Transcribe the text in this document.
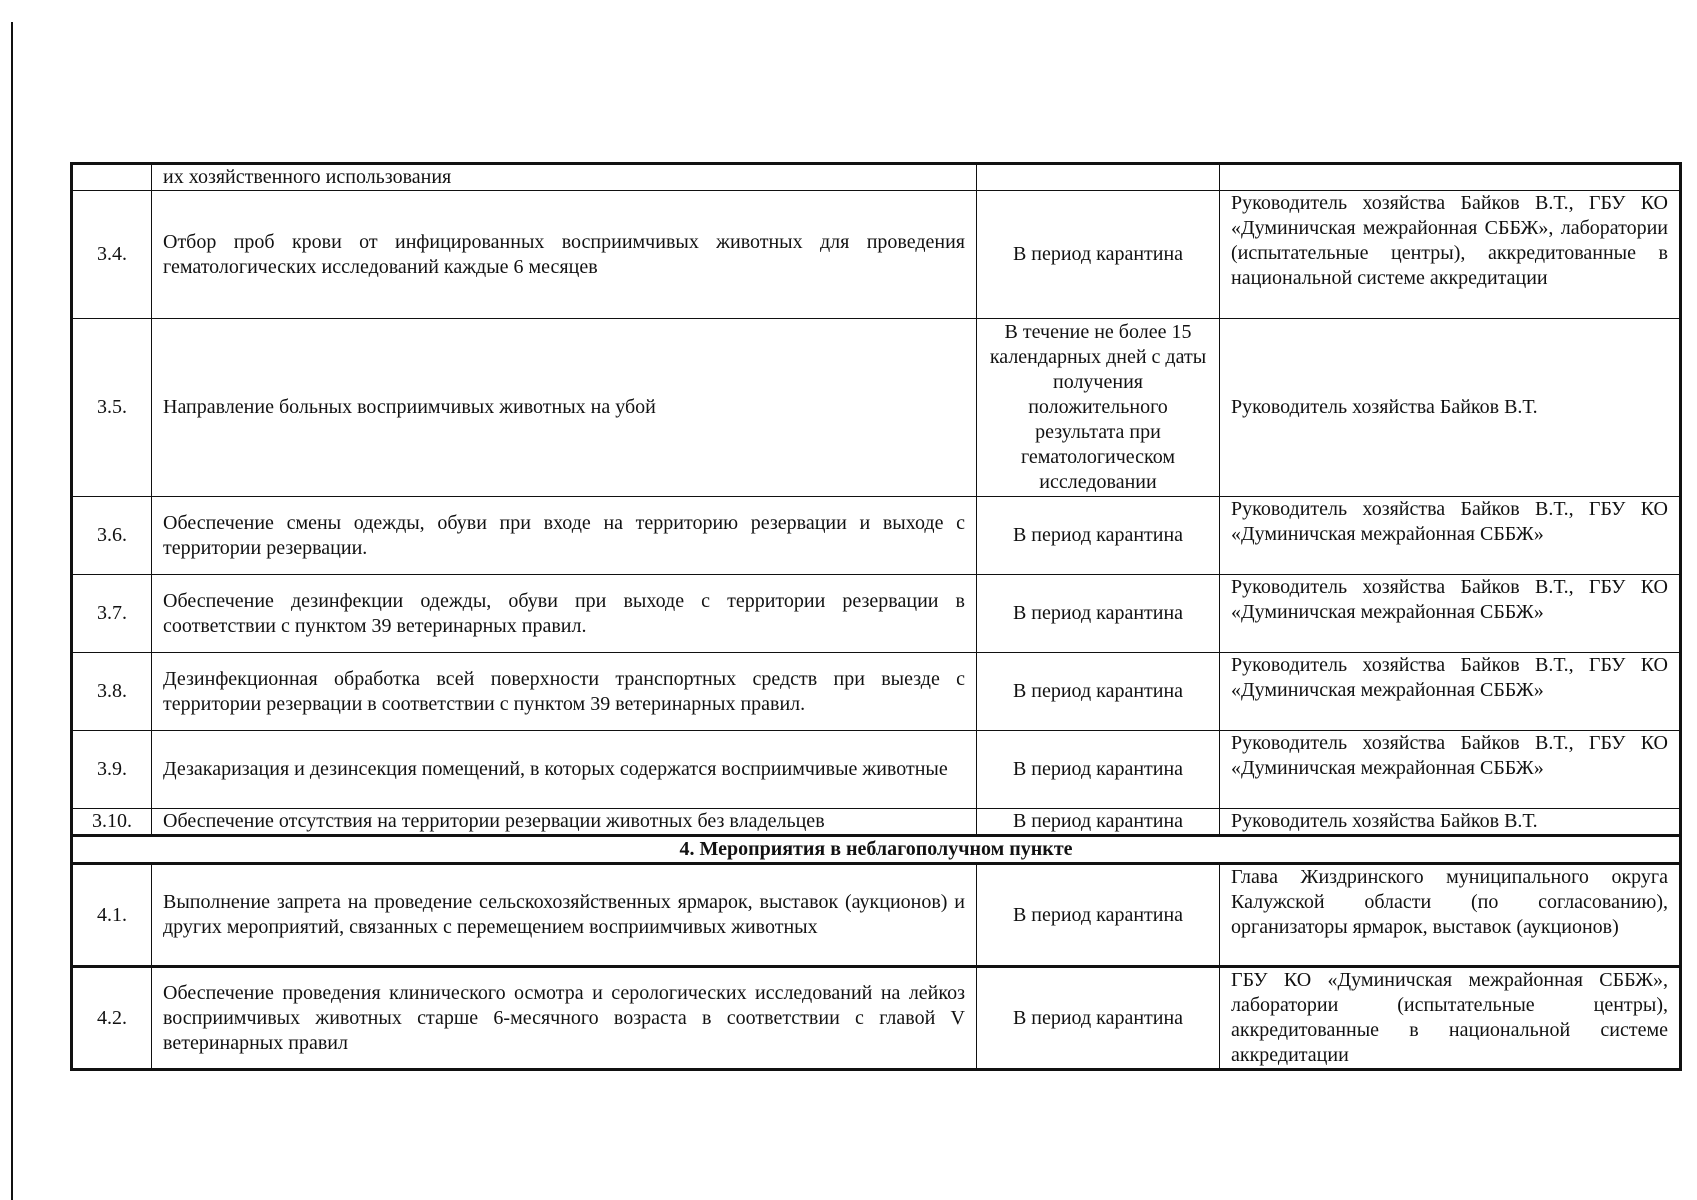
	их хозяйственного использования		
3.4.	Отбор проб крови от инфицированных восприимчивых животных для проведения гематологических исследований каждые 6 месяцев	В период карантина	Руководитель хозяйства Байков В.Т., ГБУ КО «Думиничская межрайонная СББЖ», лаборатории (испытательные центры), аккредитованные в национальной системе аккредитации
3.5.	Направление больных восприимчивых животных на убой	В течение не более 15 календарных дней с даты получения положительного результата при гематологическом исследовании	Руководитель хозяйства Байков В.Т.
3.6.	Обеспечение смены одежды, обуви при входе на территорию резервации и выходе с территории резервации.	В период карантина	Руководитель хозяйства Байков В.Т., ГБУ КО «Думиничская межрайонная СББЖ»
3.7.	Обеспечение дезинфекции одежды, обуви при выходе с территории резервации в соответствии с пунктом 39 ветеринарных правил.	В период карантина	Руководитель хозяйства Байков В.Т., ГБУ КО «Думиничская межрайонная СББЖ»
3.8.	Дезинфекционная обработка всей поверхности транспортных средств при выезде с территории резервации в соответствии с пунктом 39 ветеринарных правил.	В период карантина	Руководитель хозяйства Байков В.Т., ГБУ КО «Думиничская межрайонная СББЖ»
3.9.	Дезакаризация и дезинсекция помещений, в которых содержатся восприимчивые животные	В период карантина	Руководитель хозяйства Байков В.Т., ГБУ КО «Думиничская межрайонная СББЖ»
3.10.	Обеспечение отсутствия на территории резервации животных без владельцев	В период карантина	Руководитель хозяйства Байков В.Т.
4. Мероприятия в неблагополучном пункте			
4.1.	Выполнение запрета на проведение сельскохозяйственных ярмарок, выставок (аукционов) и других мероприятий, связанных с перемещением восприимчивых животных	В период карантина	Глава Жиздринского муниципального округа Калужской области (по согласованию), организаторы ярмарок, выставок (аукционов)
4.2.	Обеспечение проведения клинического осмотра и серологических исследований на лейкоз восприимчивых животных старше 6-месячного возраста в соответствии с главой V ветеринарных правил	В период карантина	ГБУ КО «Думиничская межрайонная СББЖ», лаборатории (испытательные центры), аккредитованные в национальной системе аккредитации
